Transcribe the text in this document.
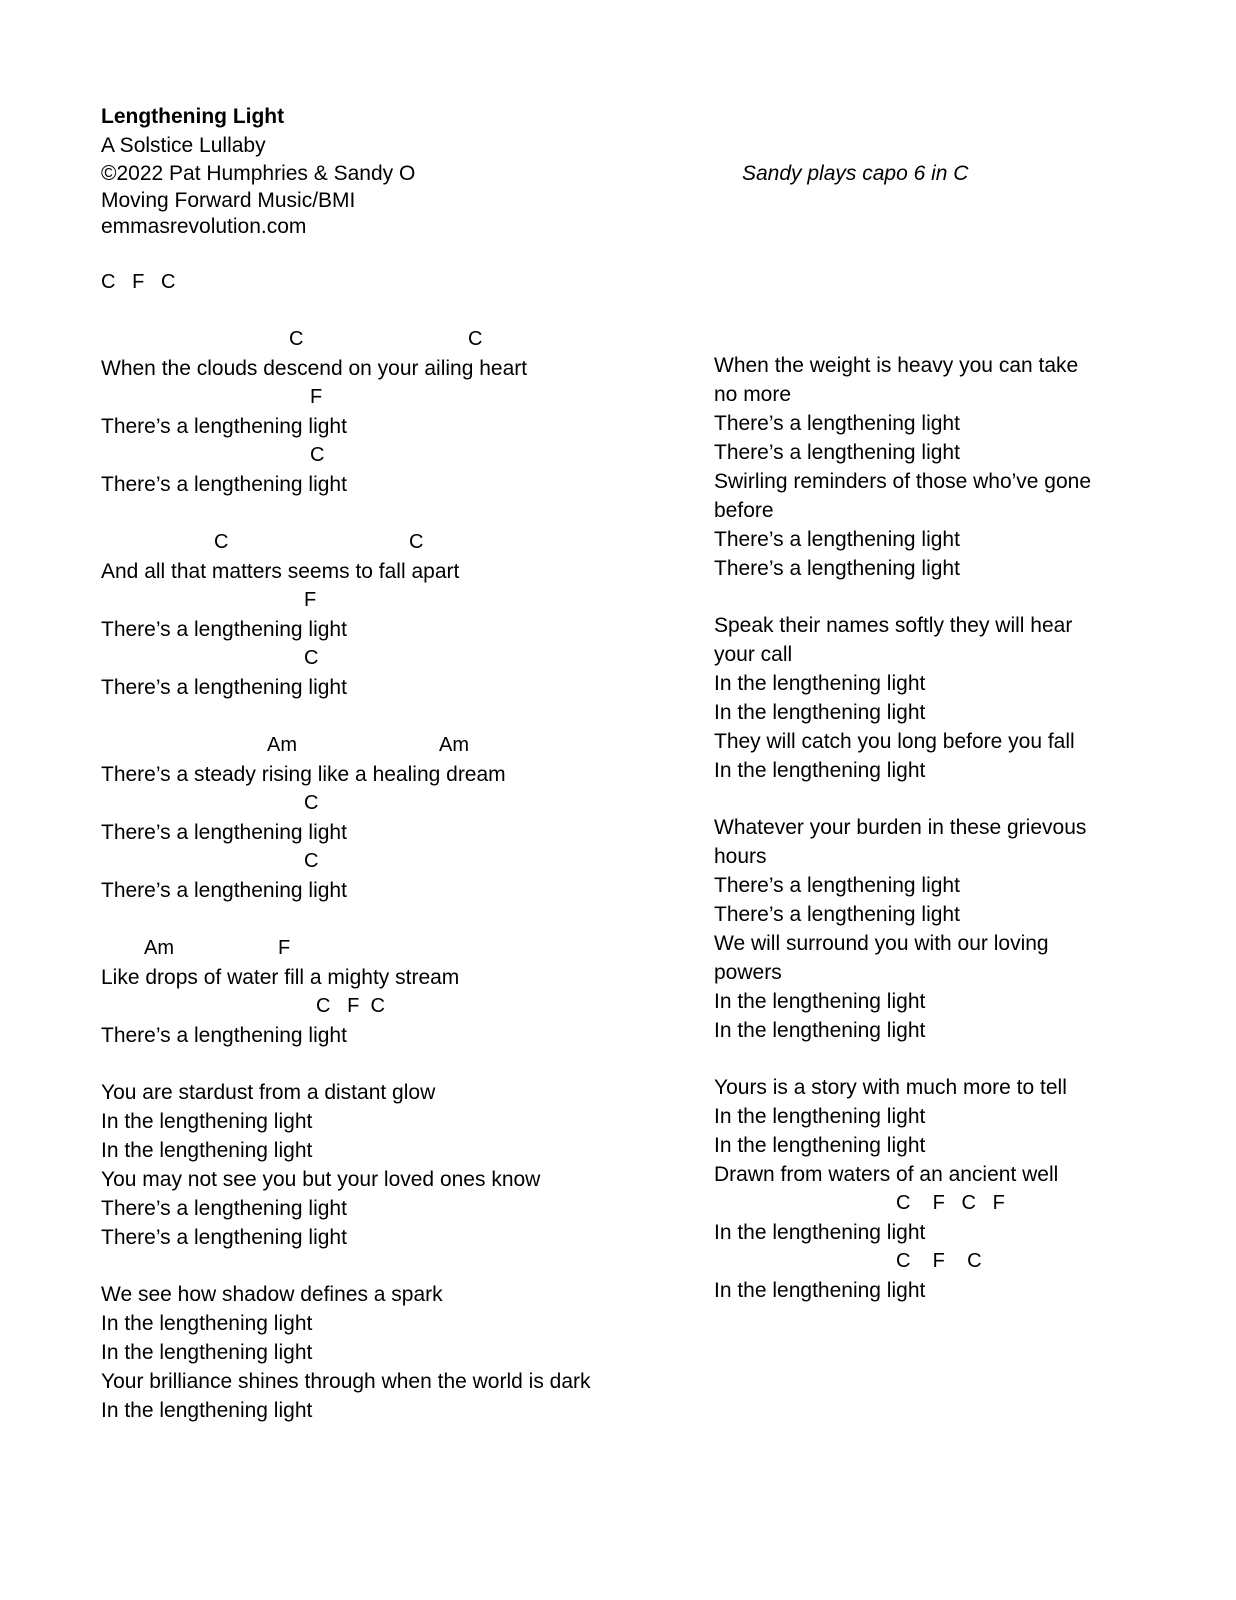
Lengthening Light
A Solstice Lullaby
©2022 Pat Humphries & Sandy O
Moving Forward Music/BMI
emmasrevolution.com
Sandy plays capo 6 in C
C   F   C
C	C
When the clouds descend on your ailing heart
F
There’s a lengthening light
C
There’s a lengthening light
C	C
And all that matters seems to fall apart
F
There’s a lengthening light
C
There’s a lengthening light
Am	Am
There’s a steady rising like a healing dream
C
There’s a lengthening light
C
There’s a lengthening light
Am	F
Like drops of water fill a mighty stream
C   F  C
There’s a lengthening light
You are stardust from a distant glow
In the lengthening light
In the lengthening light
You may not see you but your loved ones know
There’s a lengthening light
There’s a lengthening light
We see how shadow defines a spark
In the lengthening light
In the lengthening light
Your brilliance shines through when the world is dark
In the lengthening light
When the weight is heavy you can take
no more
There’s a lengthening light
There’s a lengthening light
Swirling reminders of those who’ve gone
before
There’s a lengthening light
There’s a lengthening light
Speak their names softly they will hear
your call
In the lengthening light
In the lengthening light
They will catch you long before you fall
In the lengthening light
Whatever your burden in these grievous
hours
There’s a lengthening light
There’s a lengthening light
We will surround you with our loving
powers
In the lengthening light
In the lengthening light
Yours is a story with much more to tell
In the lengthening light
In the lengthening light
Drawn from waters of an ancient well
C    F   C   F
In the lengthening light
C    F    C
In the lengthening light
